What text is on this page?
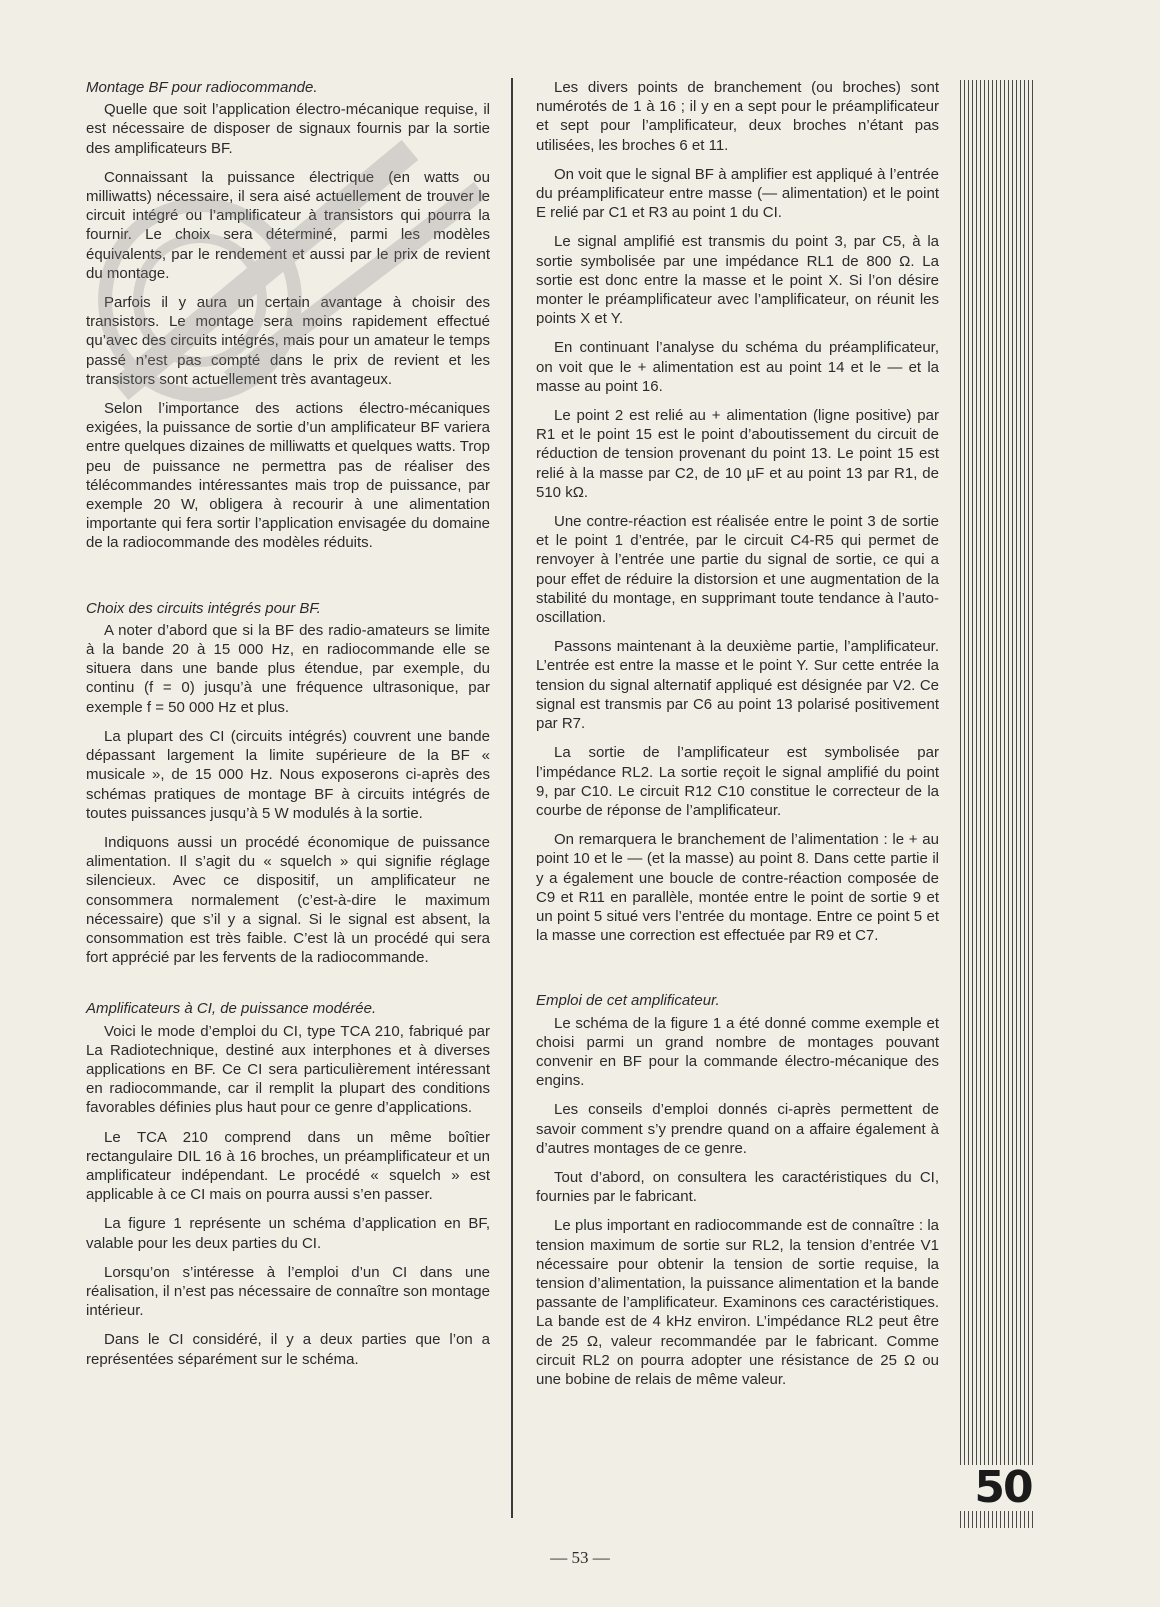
Montage BF pour radiocommande.

Quelle que soit l’application électro-mécanique requise, il est nécessaire de disposer de signaux fournis par la sortie des amplificateurs BF.

Connaissant la puissance électrique (en watts ou milliwatts) nécessaire, il sera aisé actuellement de trouver le circuit intégré ou l’amplificateur à transistors qui pourra la fournir. Le choix sera déterminé, parmi les modèles équivalents, par le rendement et aussi par le prix de revient du montage.

Parfois il y aura un certain avantage à choisir des transistors. Le montage sera moins rapidement effectué qu’avec des circuits intégrés, mais pour un amateur le temps passé n’est pas compté dans le prix de revient et les transistors sont actuellement très avantageux.

Selon l’importance des actions électro-mécaniques exigées, la puissance de sortie d’un amplificateur BF variera entre quelques dizaines de milliwatts et quelques watts. Trop peu de puissance ne permettra pas de réaliser des télécommandes intéressantes mais trop de puissance, par exemple 20 W, obligera à recourir à une alimentation importante qui fera sortir l’application envisagée du domaine de la radiocommande des modèles réduits.

Choix des circuits intégrés pour BF.

A noter d’abord que si la BF des radio-amateurs se limite à la bande 20 à 15 000 Hz, en radiocommande elle se situera dans une bande plus étendue, par exemple, du continu (f = 0) jusqu’à une fréquence ultrasonique, par exemple f = 50 000 Hz et plus.

La plupart des CI (circuits intégrés) couvrent une bande dépassant largement la limite supérieure de la BF « musicale », de 15 000 Hz. Nous exposerons ci-après des schémas pratiques de montage BF à circuits intégrés de toutes puissances jusqu’à 5 W modulés à la sortie.

Indiquons aussi un procédé économique de puissance alimentation. Il s’agit du « squelch » qui signifie réglage silencieux. Avec ce dispositif, un amplificateur ne consommera normalement (c’est-à-dire le maximum nécessaire) que s’il y a signal. Si le signal est absent, la consommation est très faible. C’est là un procédé qui sera fort apprécié par les fervents de la radiocommande.

Amplificateurs à CI, de puissance modérée.

Voici le mode d’emploi du CI, type TCA 210, fabriqué par La Radiotechnique, destiné aux interphones et à diverses applications en BF. Ce CI sera particulièrement intéressant en radiocommande, car il remplit la plupart des conditions favorables définies plus haut pour ce genre d’applications.

Le TCA 210 comprend dans un même boîtier rectangulaire DIL 16 à 16 broches, un préamplificateur et un amplificateur indépendant. Le procédé « squelch » est applicable à ce CI mais on pourra aussi s’en passer.

La figure 1 représente un schéma d’application en BF, valable pour les deux parties du CI.

Lorsqu’on s’intéresse à l’emploi d’un CI dans une réalisation, il n’est pas nécessaire de connaître son montage intérieur.

Dans le CI considéré, il y a deux parties que l’on a représentées séparément sur le schéma.

Les divers points de branchement (ou broches) sont numérotés de 1 à 16 ; il y en a sept pour le préamplificateur et sept pour l’amplificateur, deux broches n’étant pas utilisées, les broches 6 et 11.

On voit que le signal BF à amplifier est appliqué à l’entrée du préamplificateur entre masse (— alimentation) et le point E relié par C1 et R3 au point 1 du CI.

Le signal amplifié est transmis du point 3, par C5, à la sortie symbolisée par une impédance RL1 de 800 Ω. La sortie est donc entre la masse et le point X. Si l’on désire monter le préamplificateur avec l’amplificateur, on réunit les points X et Y.

En continuant l’analyse du schéma du préamplificateur, on voit que le + alimentation est au point 14 et le — et la masse au point 16.

Le point 2 est relié au + alimentation (ligne positive) par R1 et le point 15 est le point d’aboutissement du circuit de réduction de tension provenant du point 13. Le point 15 est relié à la masse par C2, de 10 µF et au point 13 par R1, de 510 kΩ.

Une contre-réaction est réalisée entre le point 3 de sortie et le point 1 d’entrée, par le circuit C4-R5 qui permet de renvoyer à l’entrée une partie du signal de sortie, ce qui a pour effet de réduire la distorsion et une augmentation de la stabilité du montage, en supprimant toute tendance à l’auto-oscillation.

Passons maintenant à la deuxième partie, l’amplificateur. L’entrée est entre la masse et le point Y. Sur cette entrée la tension du signal alternatif appliqué est désignée par V2. Ce signal est transmis par C6 au point 13 polarisé positivement par R7.

La sortie de l’amplificateur est symbolisée par l’impédance RL2. La sortie reçoit le signal amplifié du point 9, par C10. Le circuit R12 C10 constitue le correcteur de la courbe de réponse de l’amplificateur.

On remarquera le branchement de l’alimentation : le + au point 10 et le — (et la masse) au point 8. Dans cette partie il y a également une boucle de contre-réaction composée de C9 et R11 en parallèle, montée entre le point de sortie 9 et un point 5 situé vers l’entrée du montage. Entre ce point 5 et la masse une correction est effectuée par R9 et C7.

Emploi de cet amplificateur.

Le schéma de la figure 1 a été donné comme exemple et choisi parmi un grand nombre de montages pouvant convenir en BF pour la commande électro-mécanique des engins.

Les conseils d’emploi donnés ci-après permettent de savoir comment s’y prendre quand on a affaire également à d’autres montages de ce genre.

Tout d’abord, on consultera les caractéristiques du CI, fournies par le fabricant.

Le plus important en radiocommande est de connaître : la tension maximum de sortie sur RL2, la tension d’entrée V1 nécessaire pour obtenir la tension de sortie requise, la tension d’alimentation, la puissance alimentation et la bande passante de l’amplificateur. Examinons ces caractéristiques. La bande est de 4 kHz environ. L’impédance RL2 peut être de 25 Ω, valeur recommandée par le fabricant. Comme circuit RL2 on pourra adopter une résistance de 25 Ω ou une bobine de relais de même valeur.

50
— 53 —
